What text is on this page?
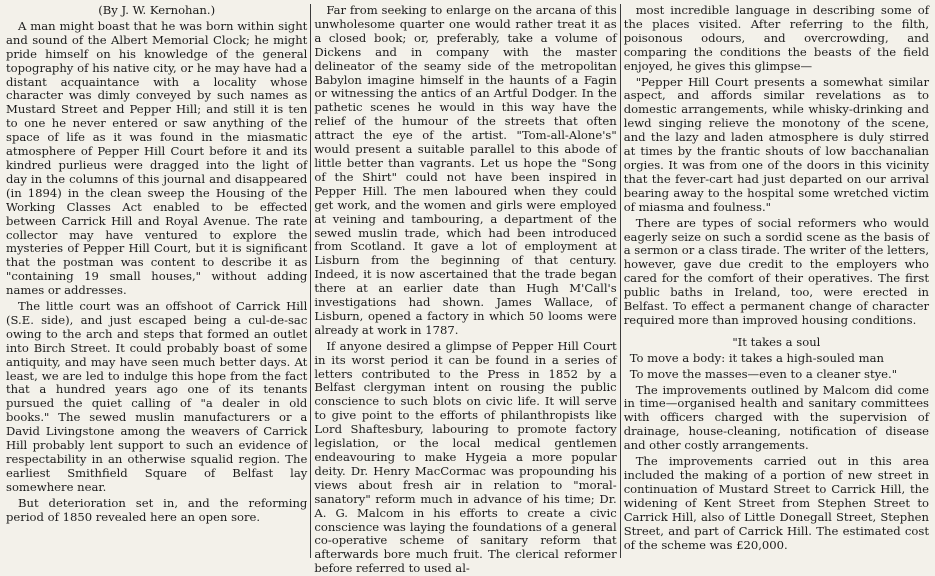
(By J. W. Kernohan.)

A man might boast that he was born within sight and sound of the Albert Memorial Clock; he might pride himself on his knowledge of the general topography of his native city, or he may have had a distant acquaintance with a locality whose character was dimly conveyed by such names as Mustard Street and Pepper Hill; and still it is ten to one he never entered or saw anything of the space of life as it was found in the miasmatic atmosphere of Pepper Hill Court before it and its kindred purlieus were dragged into the light of day in the columns of this journal and disappeared (in 1894) in the clean sweep the Housing of the Working Classes Act enabled to be effected between Carrick Hill and Royal Avenue. The rate collector may have ventured to explore the mysteries of Pepper Hill Court, but it is significant that the postman was content to describe it as "containing 19 small houses," without adding names or addresses.

The little court was an offshoot of Carrick Hill (S.E. side), and just escaped being a cul-de-sac owing to the arch and steps that formed an outlet into Birch Street. It could probably boast of some antiquity, and may have seen much better days. At least, we are led to indulge this hope from the fact that a hundred years ago one of its tenants pursued the quiet calling of "a dealer in old books." The sewed muslin manufacturers or a David Livingstone among the weavers of Carrick Hill probably lent support to such an evidence of respectability in an otherwise squalid region. The earliest Smithfield Square of Belfast lay somewhere near.

But deterioration set in, and the reforming period of 1850 revealed here an open sore.

Far from seeking to enlarge on the arcana of this unwholesome quarter one would rather treat it as a closed book; or, preferably, take a volume of Dickens and in company with the master delineator of the seamy side of the metropolitan Babylon imagine himself in the haunts of a Fagin or witnessing the antics of an Artful Dodger. In the pathetic scenes he would in this way have the relief of the humour of the streets that often attract the eye of the artist. "Tom-all-Alone's" would present a suitable parallel to this abode of little better than vagrants. Let us hope the "Song of the Shirt" could not have been inspired in Pepper Hill. The men laboured when they could get work, and the women and girls were employed at veining and tambouring, a department of the sewed muslin trade, which had been introduced from Scotland. It gave a lot of employment at Lisburn from the beginning of that century. Indeed, it is now ascertained that the trade began there at an earlier date than Hugh M'Call's investigations had shown. James Wallace, of Lisburn, opened a factory in which 50 looms were already at work in 1787.

If anyone desired a glimpse of Pepper Hill Court in its worst period it can be found in a series of letters contributed to the Press in 1852 by a Belfast clergyman intent on rousing the public conscience to such blots on civic life. It will serve to give point to the efforts of philanthropists like Lord Shaftesbury, labouring to promote factory legislation, or the local medical gentlemen endeavouring to make Hygeia a more popular deity. Dr. Henry MacCormac was propounding his views about fresh air in relation to "moral-sanatory" reform much in advance of his time; Dr. A. G. Malcom in his efforts to create a civic conscience was laying the foundations of a general co-operative scheme of sanitary reform that afterwards bore much fruit. The clerical reformer before referred to used al-

most incredible language in describing some of the places visited. After referring to the filth, poisonous odours, and overcrowding, and comparing the conditions the beasts of the field enjoyed, he gives this glimpse—

"Pepper Hill Court presents a somewhat similar aspect, and affords similar revelations as to domestic arrangements, while whisky-drinking and lewd singing relieve the monotony of the scene, and the lazy and laden atmosphere is duly stirred at times by the frantic shouts of low bacchanalian orgies. It was from one of the doors in this vicinity that the fever-cart had just departed on our arrival bearing away to the hospital some wretched victim of miasma and foulness."

There are types of social reformers who would eagerly seize on such a sordid scene as the basis of a sermon or a class tirade. The writer of the letters, however, gave due credit to the employers who cared for the comfort of their operatives. The first public baths in Ireland, too, were erected in Belfast. To effect a permanent change of character required more than improved housing conditions.

"It takes a soul

To move a body: it takes a high-souled man

To move the masses—even to a cleaner stye."

The improvements outlined by Malcom did come in time—organised health and sanitary committees with officers charged with the supervision of drainage, house-cleaning, notification of disease and other costly arrangements.

The improvements carried out in this area included the making of a portion of new street in continuation of Mustard Street to Carrick Hill, the widening of Kent Street from Stephen Street to Carrick Hill, also of Little Donegall Street, Stephen Street, and part of Carrick Hill. The estimated cost of the scheme was £20,000.
